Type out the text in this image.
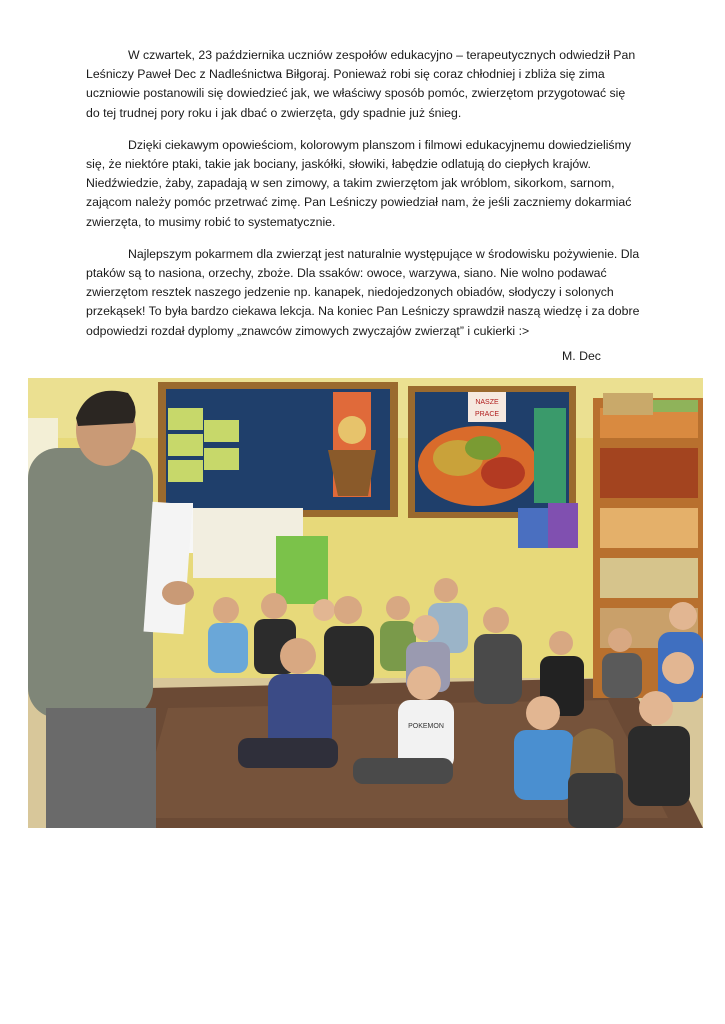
W czwartek, 23 października uczniów zespołów edukacyjno – terapeutycznych odwiedził Pan Leśniczy Paweł Dec z Nadleśnictwa Biłgoraj. Ponieważ robi się coraz chłodniej i zbliża się zima uczniowie postanowili się dowiedzieć jak, we właściwy sposób pomóc, zwierzętom przygotować się do tej trudnej pory roku i jak dbać o zwierzęta, gdy spadnie już śnieg.

Dzięki ciekawym opowieściom, kolorowym planszom i filmowi edukacyjnemu dowiedzieliśmy się, że niektóre ptaki, takie jak bociany, jaskółki, słowiki, łabędzie odlatują do ciepłych krajów. Niedźwiedzie, żaby, zapadają w sen zimowy, a takim zwierzętom jak wróblom, sikorkom, sarnom, zającom należy pomóc przetrwać zimę. Pan Leśniczy powiedział nam, że jeśli zaczniemy dokarmiać zwierzęta, to musimy robić to systematycznie.

Najlepszym pokarmem dla zwierząt jest naturalnie występujące w środowisku pożywienie. Dla ptaków są to nasiona, orzechy, zboże. Dla ssaków: owoce, warzywa, siano. Nie wolno podawać zwierzętom resztek naszego jedzenie np. kanapek, niedojedzonych obiadów, słodyczy i solonych przekąsek! To była bardzo ciekawa lekcja. Na koniec Pan Leśniczy sprawdził naszą wiedzę i za dobre odpowiedzi rozdał dyplomy „znawców zimowych zwyczajów zwierząt” i cukierki :>

M. Dec
NASZE
PRACE
POKEMON
